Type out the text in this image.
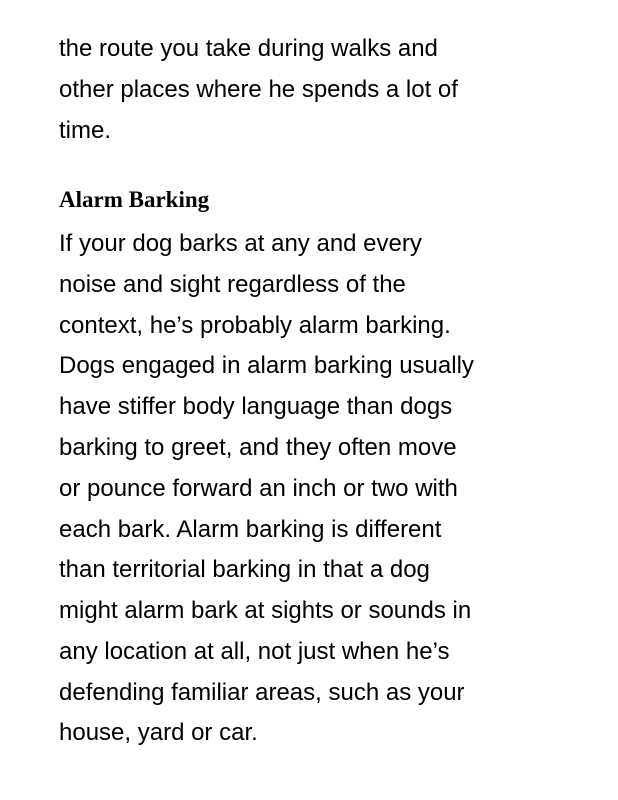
the route you take during walks and

other places where he spends a lot of

time.

Alarm Barking

If your dog barks at any and every

noise and sight regardless of the

context, he’s probably alarm barking.

Dogs engaged in alarm barking usually

have stiffer body language than dogs

barking to greet, and they often move

or pounce forward an inch or two with

each bark. Alarm barking is different

than territorial barking in that a dog

might alarm bark at sights or sounds in

any location at all, not just when he’s

defending familiar areas, such as your

house, yard or car.
